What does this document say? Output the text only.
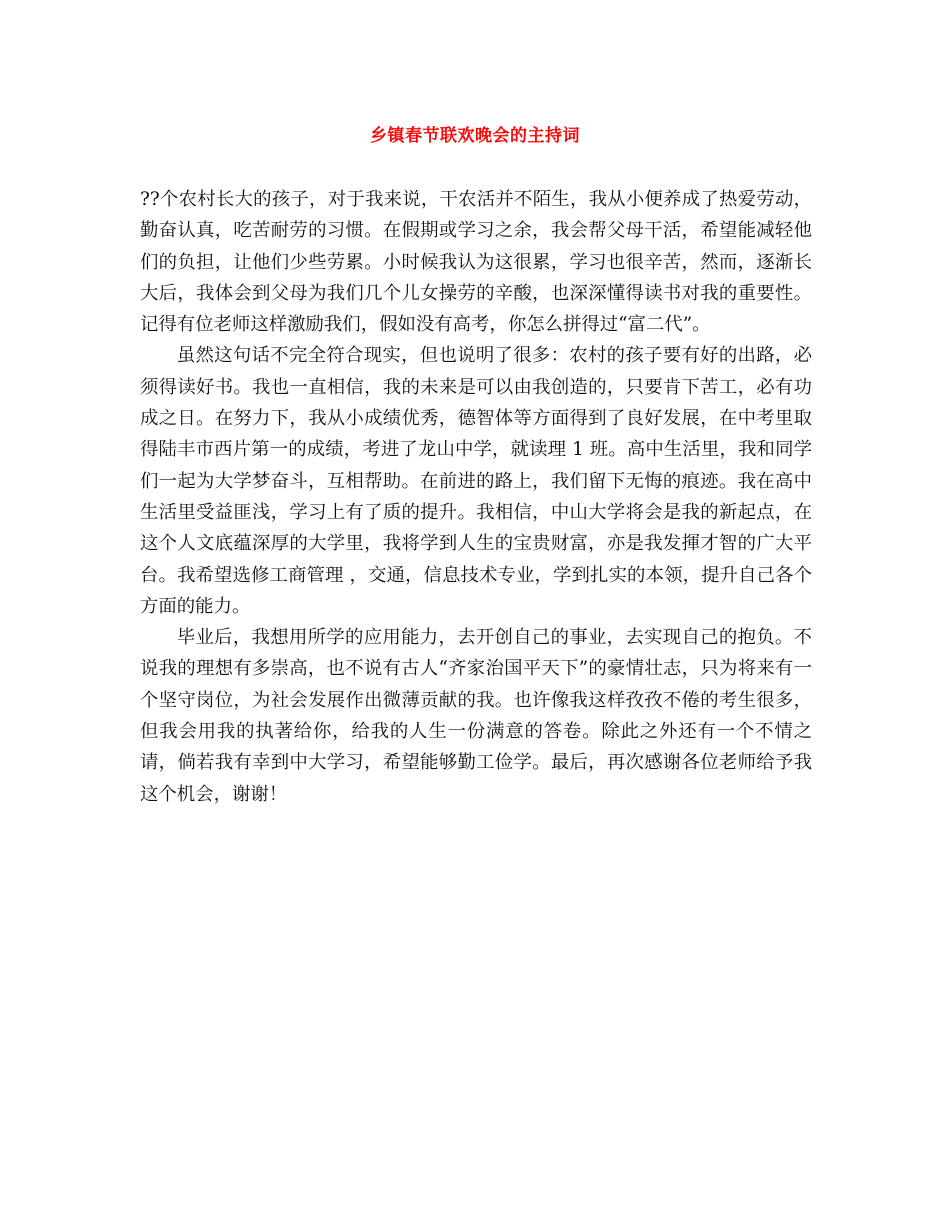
乡镇春节联欢晚会的主持词

??个农村长大的孩子，对于我来说，干农活并不陌生，我从小便养成了热爱劳动，勤奋认真，吃苦耐劳的习惯。在假期或学习之余，我会帮父母干活，希望能减轻他们的负担，让他们少些劳累。小时候我认为这很累，学习也很辛苦，然而，逐渐长大后，我体会到父母为我们几个儿女操劳的辛酸，也深深懂得读书对我的重要性。记得有位老师这样激励我们，假如没有高考，你怎么拼得过“富二代”。

虽然这句话不完全符合现实，但也说明了很多：农村的孩子要有好的出路，必须得读好书。我也一直相信，我的未来是可以由我创造的，只要肯下苦工，必有功成之日。在努力下，我从小成绩优秀，德智体等方面得到了良好发展，在中考里取得陆丰市西片第一的成绩，考进了龙山中学，就读理 1 班。高中生活里，我和同学们一起为大学梦奋斗，互相帮助。在前进的路上，我们留下无悔的痕迹。我在高中生活里受益匪浅，学习上有了质的提升。我相信，中山大学将会是我的新起点，在这个人文底蕴深厚的大学里，我将学到人生的宝贵财富，亦是我发揮才智的广大平台。我希望选修工商管理 ，交通，信息技术专业，学到扎实的本领，提升自己各个方面的能力。

毕业后，我想用所学的应用能力，去开创自己的事业，去实现自己的抱负。不说我的理想有多崇高，也不说有古人“齐家治国平天下”的豪情壮志，只为将来有一个坚守岗位，为社会发展作出微薄贡献的我。也许像我这样孜孜不倦的考生很多，但我会用我的执著给你，给我的人生一份满意的答卷。除此之外还有一个不情之请，倘若我有幸到中大学习，希望能够勤工俭学。最后，再次感谢各位老师给予我这个机会，谢谢！
